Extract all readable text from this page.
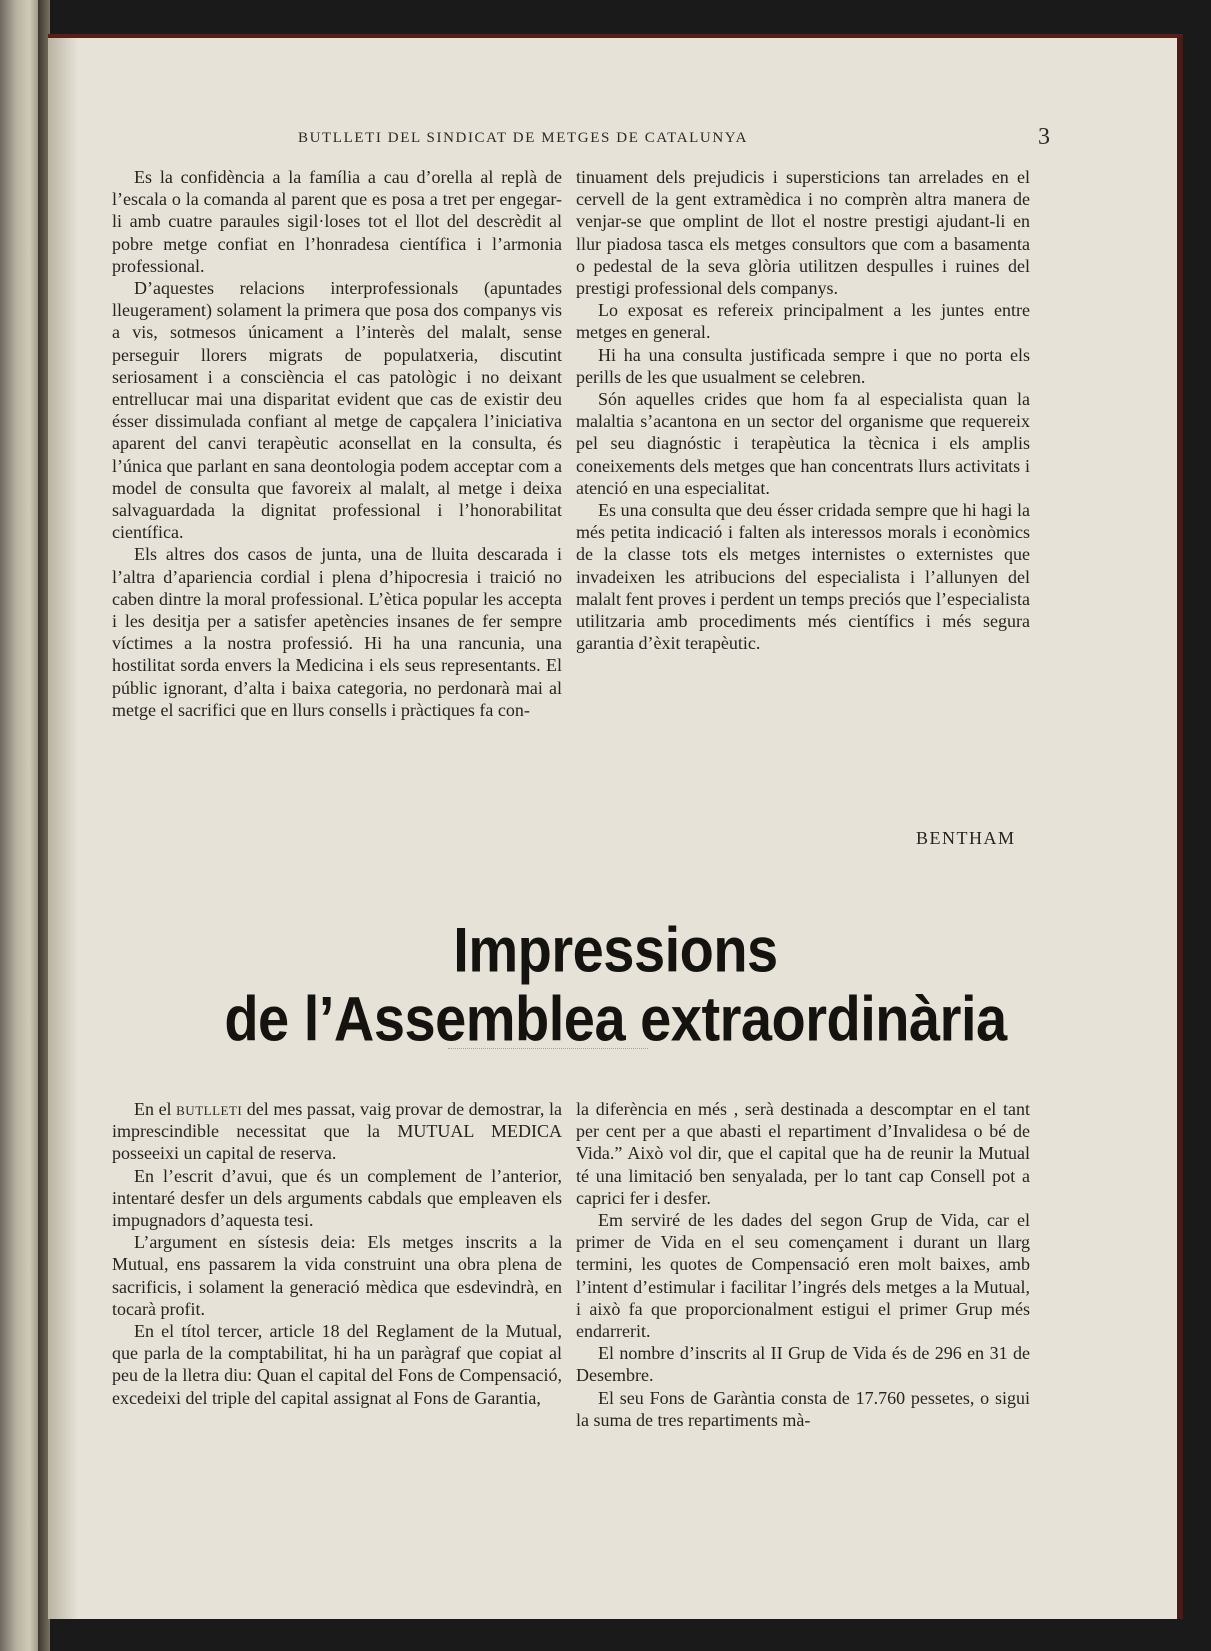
BUTLLETI DEL SINDICAT DE METGES DE CATALUNYA	3

Es la confidència a la família a cau d’orella al replà de l’escala o la comanda al parent que es posa a tret per engegar-li amb cuatre paraules sigil·loses tot el llot del descrèdit al pobre metge confiat en l’honradesa científica i l’armonia professional.

D’aquestes relacions interprofessionals (apuntades lleugerament) solament la primera que posa dos companys vis a vis, sotmesos únicament a l’interès del malalt, sense perseguir llorers migrats de populatxeria, discutint seriosament i a consciència el cas patològic i no deixant entrellucar mai una disparitat evident que cas de existir deu ésser dissimulada confiant al metge de capçalera l’iniciativa aparent del canvi terapèutic aconsellat en la consulta, és l’única que parlant en sana deontologia podem acceptar com a model de consulta que favoreix al malalt, al metge i deixa salvaguardada la dignitat professional i l’honorabilitat científica.

Els altres dos casos de junta, una de lluita descarada i l’altra d’apariencia cordial i plena d’hipocresia i traició no caben dintre la moral professional. L’ètica popular les accepta i les desitja per a satisfer apetències insanes de fer sempre víctimes a la nostra professió. Hi ha una rancunia, una hostilitat sorda envers la Medicina i els seus representants. El públic ignorant, d’alta i baixa categoria, no perdonarà mai al metge el sacrifici que en llurs consells i pràctiques fa con-

tinuament dels prejudicis i supersticions tan arrelades en el cervell de la gent extramèdica i no comprèn altra manera de venjar-se que omplint de llot el nostre prestigi ajudant-li en llur piadosa tasca els metges consultors que com a basamenta o pedestal de la seva glòria utilitzen despulles i ruines del prestigi professional dels companys.

Lo exposat es refereix principalment a les juntes entre metges en general.

Hi ha una consulta justificada sempre i que no porta els perills de les que usualment se celebren.

Són aquelles crides que hom fa al especialista quan la malaltia s’acantona en un sector del organisme que requereix pel seu diagnóstic i terapèutica la tècnica i els amplis coneixements dels metges que han concentrats llurs activitats i atenció en una especialitat.

Es una consulta que deu ésser cridada sempre que hi hagi la més petita indicació i falten als interessos morals i econòmics de la classe tots els metges internistes o externistes que invadeixen les atribucions del especialista i l’allunyen del malalt fent proves i perdent un temps preciós que l’especialista utilitzaria amb procediments més científics i més segura garantia d’èxit terapèutic.

BENTHAM
Impressions
de l’Assemblea extraordinària

En el butlleti del mes passat, vaig provar de demostrar, la imprescindible necessitat que la MUTUAL MEDICA posseeixi un capital de reserva.

En l’escrit d’avui, que és un complement de l’anterior, intentaré desfer un dels arguments cabdals que empleaven els impugnadors d’aquesta tesi.

L’argument en sístesis deia: Els metges inscrits a la Mutual, ens passarem la vida construint una obra plena de sacrificis, i solament la generació mèdica que esdevindrà, en tocarà profit.

En el títol tercer, article 18 del Reglament de la Mutual, que parla de la comptabilitat, hi ha un paràgraf que copiat al peu de la lletra diu: Quan el capital del Fons de Compensació, excedeixi del triple del capital assignat al Fons de Garantia,

la diferència en més , serà destinada a descomptar en el tant per cent per a que abasti el repartiment d’Invalidesa o bé de Vida.” Això vol dir, que el capital que ha de reunir la Mutual té una limitació ben senyalada, per lo tant cap Consell pot a caprici fer i desfer.

Em serviré de les dades del segon Grup de Vida, car el primer de Vida en el seu començament i durant un llarg termini, les quotes de Compensació eren molt baixes, amb l’intent d’estimular i facilitar l’ingrés dels metges a la Mutual, i això fa que proporcionalment estigui el primer Grup més endarrerit.

El nombre d’inscrits al II Grup de Vida és de 296 en 31 de Desembre.

El seu Fons de Garàntia consta de 17.760 pessetes, o sigui la suma de tres repartiments mà-
